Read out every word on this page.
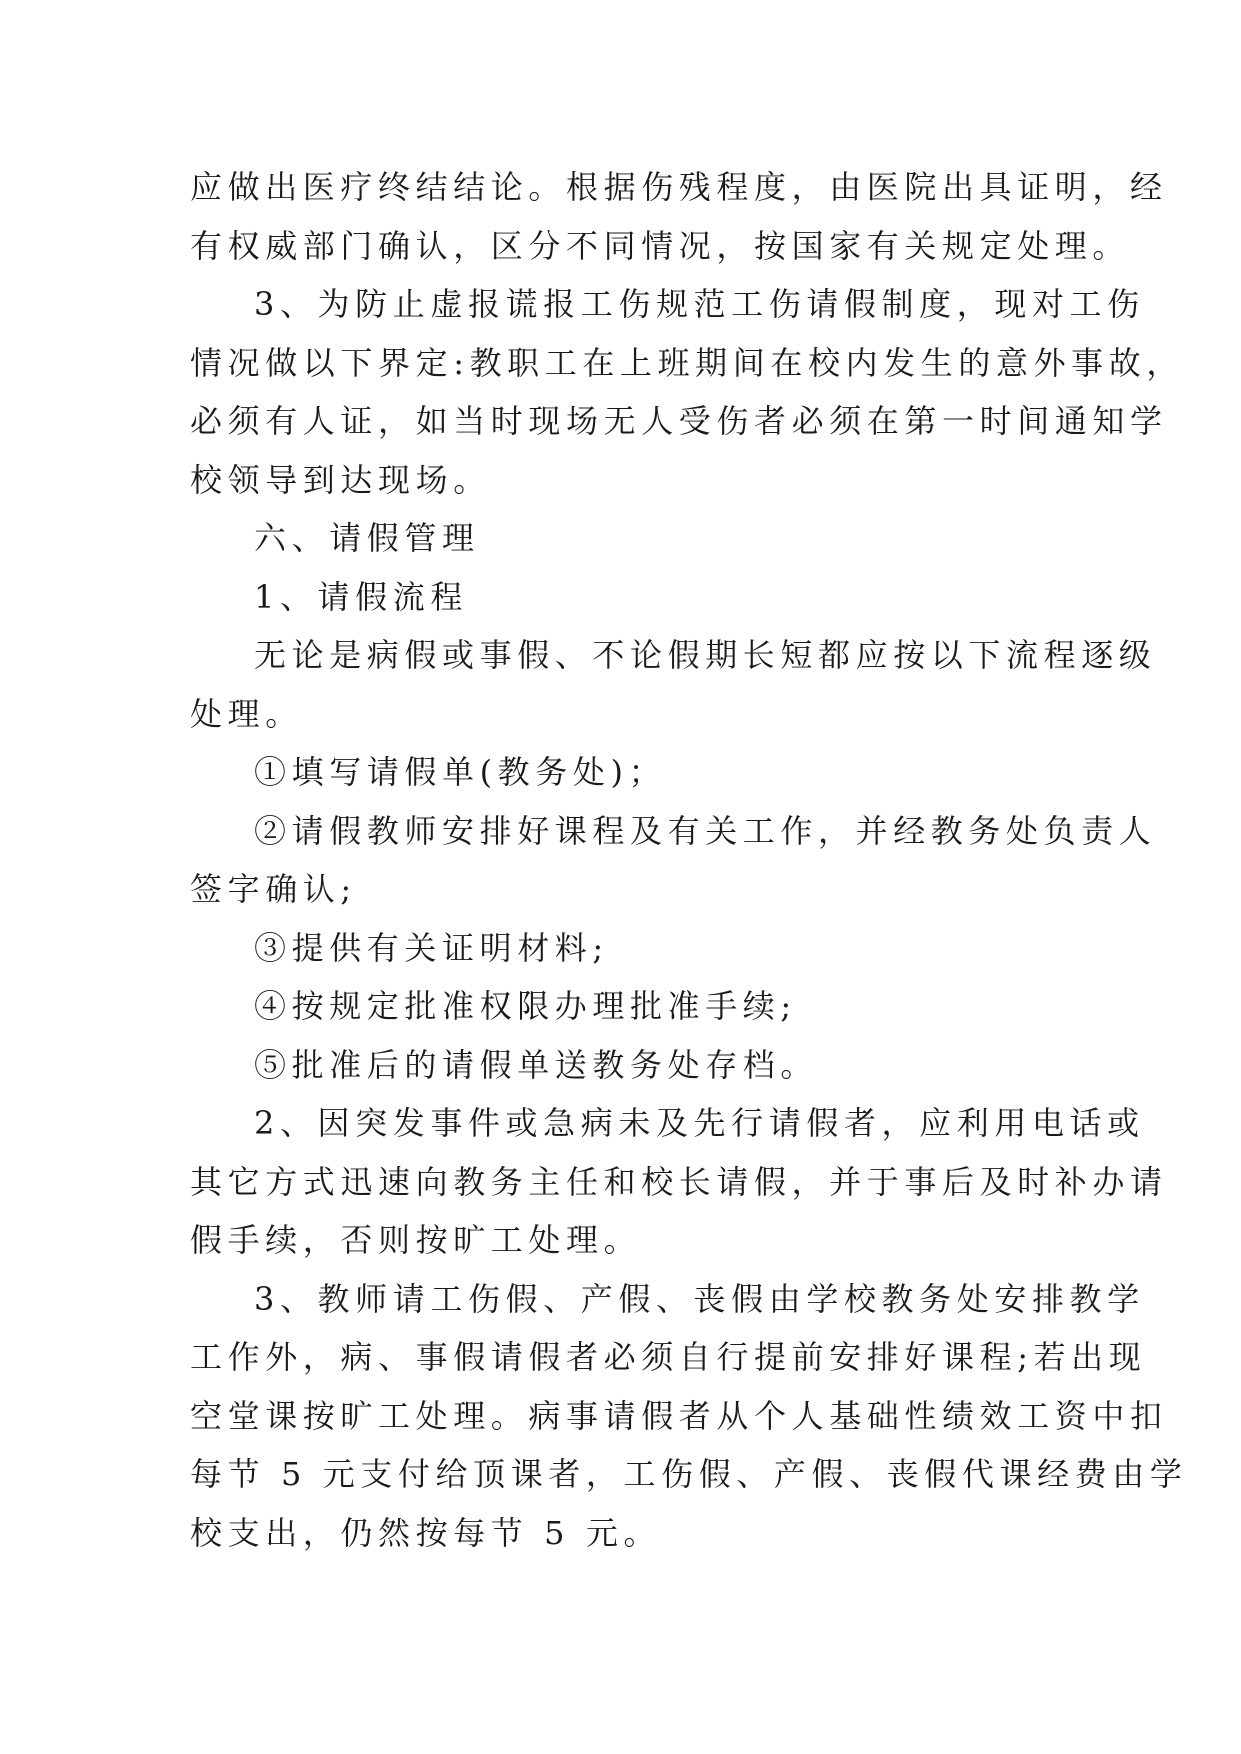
应做出医疗终结结论。根据伤残程度，由医院出具证明，经

有权威部门确认，区分不同情况，按国家有关规定处理。

3、为防止虚报谎报工伤规范工伤请假制度，现对工伤

情况做以下界定:教职工在上班期间在校内发生的意外事故，

必须有人证，如当时现场无人受伤者必须在第一时间通知学

校领导到达现场。

六、请假管理

1、请假流程

无论是病假或事假、不论假期长短都应按以下流程逐级

处理。

①填写请假单(教务处)；

②请假教师安排好课程及有关工作，并经教务处负责人

签字确认;

③提供有关证明材料;

④按规定批准权限办理批准手续;

⑤批准后的请假单送教务处存档。

2、因突发事件或急病未及先行请假者，应利用电话或

其它方式迅速向教务主任和校长请假，并于事后及时补办请

假手续，否则按旷工处理。

3、教师请工伤假、产假、丧假由学校教务处安排教学

工作外，病、事假请假者必须自行提前安排好课程;若出现

空堂课按旷工处理。病事请假者从个人基础性绩效工资中扣

每节 5 元支付给顶课者，工伤假、产假、丧假代课经费由学

校支出，仍然按每节 5 元。
